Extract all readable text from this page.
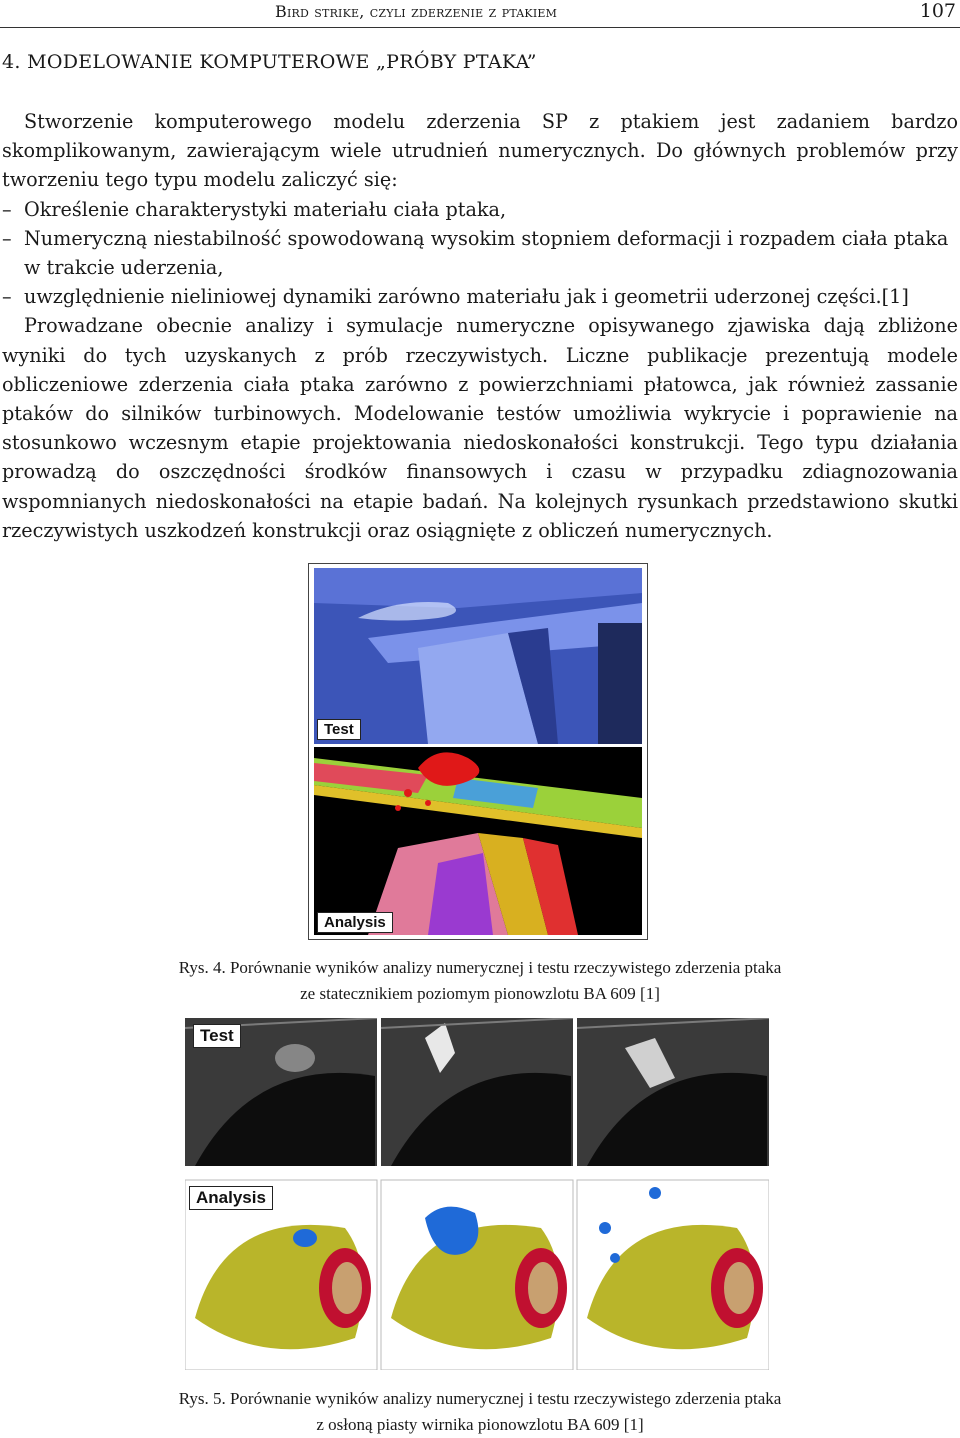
Bird strike, czyli zderzenie z ptakiem	107
4. MODELOWANIE KOMPUTEROWE „PRÓBY PTAKA”

Stworzenie komputerowego modelu zderzenia SP z ptakiem jest zadaniem bardzo skomplikowanym, zawierającym wiele utrudnień numerycznych. Do głównych problemów przy tworzeniu tego typu modelu zaliczyć się:

– Określenie charakterystyki materiału ciała ptaka,

– Numeryczną niestabilność spowodowaną wysokim stopniem deformacji i rozpadem ciała ptaka w trakcie uderzenia,

– uwzględnienie nieliniowej dynamiki zarówno materiału jak i geometrii uderzonej części.[1]

Prowadzane obecnie analizy i symulacje numeryczne opisywanego zjawiska dają zbliżone wyniki do tych uzyskanych z prób rzeczywistych. Liczne publikacje prezentują modele obliczeniowe zderzenia ciała ptaka zarówno z powierzchniami płatowca, jak również zassanie ptaków do silników turbinowych. Modelowanie testów umożliwia wykrycie i poprawienie na stosunkowo wczesnym etapie projektowania niedoskonałości konstrukcji. Tego typu działania prowadzą do oszczędności środków finansowych i czasu w przypadku zdiagnozowania wspomnianych niedoskonałości na etapie badań. Na kolejnych rysunkach przedstawiono skutki rzeczywistych uszkodzeń konstrukcji oraz osiągnięte z obliczeń numerycznych.

Test
Analysis
Rys. 4. Porównanie wyników analizy numerycznej i testu rzeczywistego zderzenia ptaka
ze statecznikiem poziomym pionowzlotu BA 609 [1]
Test
Analysis
Rys. 5. Porównanie wyników analizy numerycznej i testu rzeczywistego zderzenia ptaka
z osłoną piasty wirnika pionowzlotu BA 609 [1]
